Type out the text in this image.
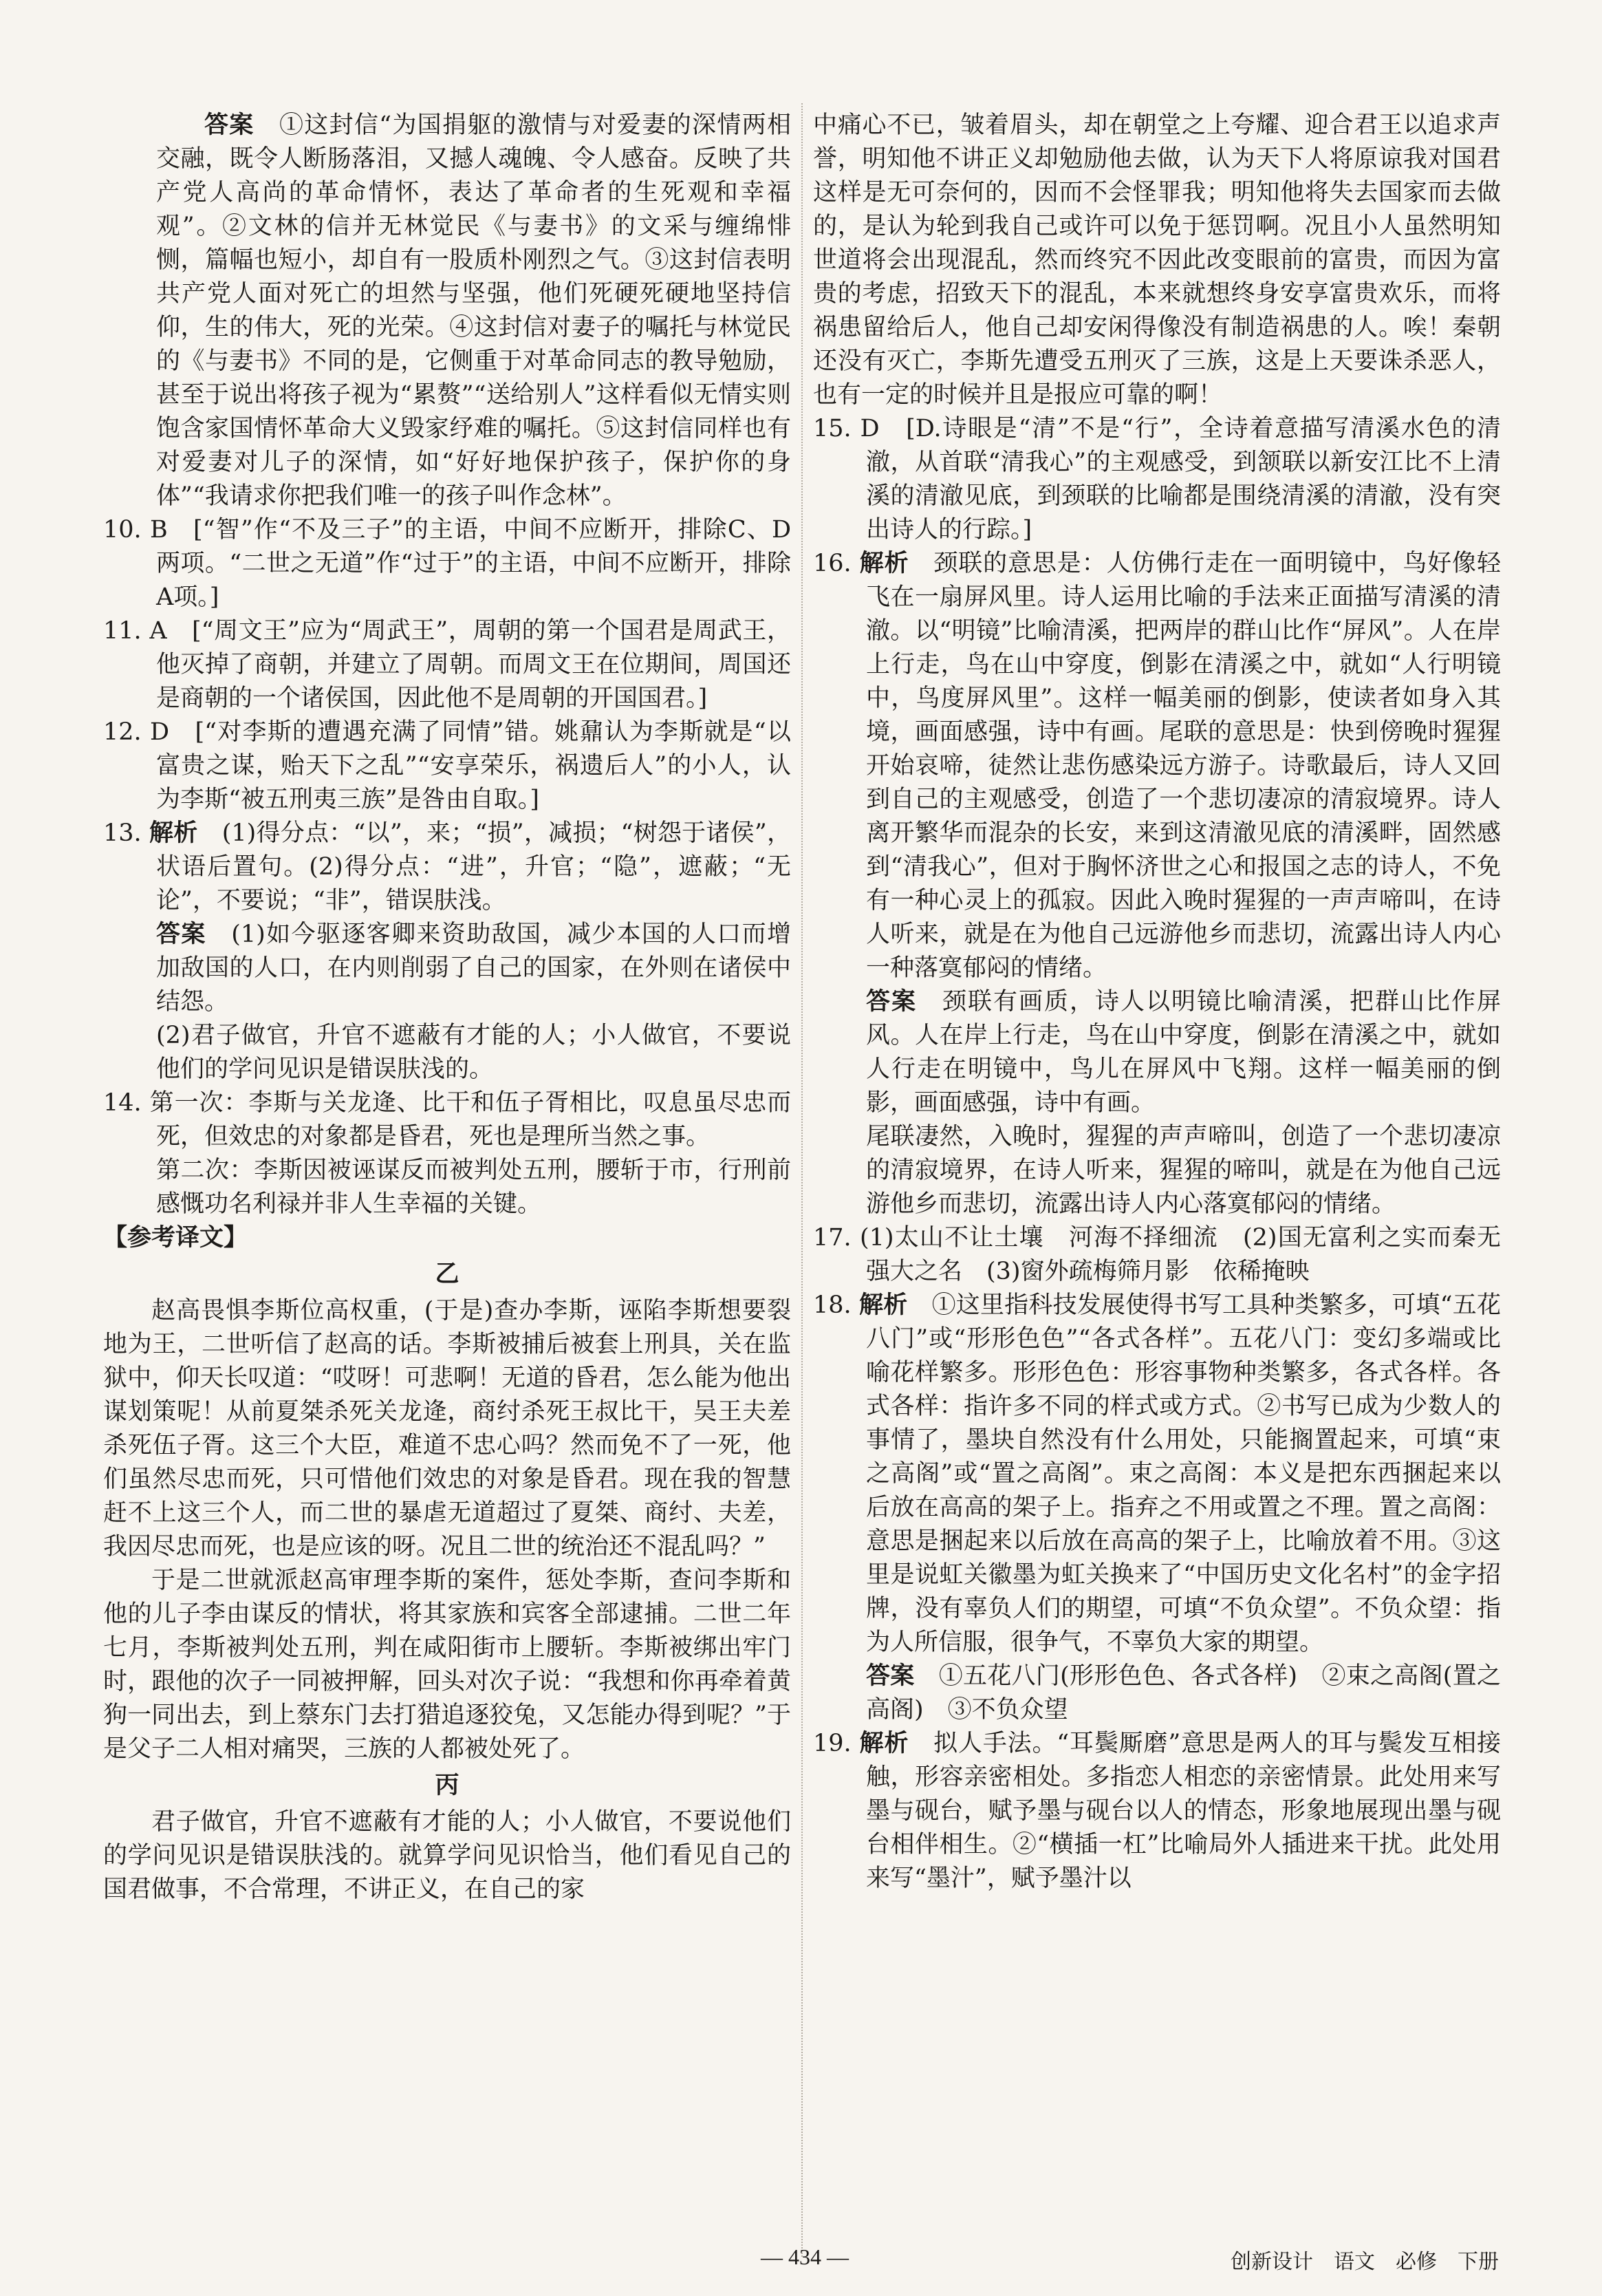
答案　 ①这封信“为国捐躯的激情与对爱妻的深情两相交融，既令人断肠落泪，又撼人魂魄、令人感奋。反映了共产党人高尚的革命情怀，表达了革命者的生死观和幸福观”。②文林的信并无林觉民《与妻书》的文采与缠绵悱恻，篇幅也短小，却自有一股质朴刚烈之气。③这封信表明共产党人面对死亡的坦然与坚强，他们死硬死硬地坚持信仰，生的伟大，死的光荣。④这封信对妻子的嘱托与林觉民的《与妻书》不同的是，它侧重于对革命同志的教导勉励，甚至于说出将孩子视为“累赘”“送给别人”这样看似无情实则饱含家国情怀革命大义毁家纾难的嘱托。⑤这封信同样也有对爱妻对儿子的深情，如“好好地保护孩子，保护你的身体”“我请求你把我们唯一的孩子叫作念林”。

10. B　[“智”作“不及三子”的主语，中间不应断开，排除C、D两项。“二世之无道”作“过于”的主语，中间不应断开，排除A项。]

11. A　[“周文王”应为“周武王”，周朝的第一个国君是周武王，他灭掉了商朝，并建立了周朝。而周文王在位期间，周国还是商朝的一个诸侯国，因此他不是周朝的开国国君。]

12. D　[“对李斯的遭遇充满了同情”错。姚鼐认为李斯就是“以富贵之谋，贻天下之乱”“安享荣乐，祸遗后人”的小人，认为李斯“被五刑夷三族”是咎由自取。]

13. 解析　 (1)得分点：“以”，来；“损”，减损；“树怨于诸侯”，状语后置句。(2)得分点：“进”，升官；“隐”，遮蔽；“无论”，不要说；“非”，错误肤浅。

答案　 (1)如今驱逐客卿来资助敌国，减少本国的人口而增加敌国的人口，在内则削弱了自己的国家，在外则在诸侯中结怨。

(2)君子做官，升官不遮蔽有才能的人；小人做官，不要说他们的学问见识是错误肤浅的。

14. 第一次：李斯与关龙逄、比干和伍子胥相比，叹息虽尽忠而死，但效忠的对象都是昏君，死也是理所当然之事。

第二次：李斯因被诬谋反而被判处五刑，腰斩于市，行刑前感慨功名利禄并非人生幸福的关键。

【参考译文】

乙

赵高畏惧李斯位高权重，(于是)查办李斯，诬陷李斯想要裂地为王，二世听信了赵高的话。李斯被捕后被套上刑具，关在监狱中，仰天长叹道：“哎呀！可悲啊！无道的昏君，怎么能为他出谋划策呢！从前夏桀杀死关龙逄，商纣杀死王叔比干，吴王夫差杀死伍子胥。这三个大臣，难道不忠心吗？然而免不了一死，他们虽然尽忠而死，只可惜他们效忠的对象是昏君。现在我的智慧赶不上这三个人，而二世的暴虐无道超过了夏桀、商纣、夫差，我因尽忠而死，也是应该的呀。况且二世的统治还不混乱吗？”

于是二世就派赵高审理李斯的案件，惩处李斯，查问李斯和他的儿子李由谋反的情状，将其家族和宾客全部逮捕。二世二年七月，李斯被判处五刑，判在咸阳街市上腰斩。李斯被绑出牢门时，跟他的次子一同被押解，回头对次子说：“我想和你再牵着黄狗一同出去，到上蔡东门去打猎追逐狡兔，又怎能办得到呢？”于是父子二人相对痛哭，三族的人都被处死了。

丙

君子做官，升官不遮蔽有才能的人；小人做官，不要说他们的学问见识是错误肤浅的。就算学问见识恰当，他们看见自己的国君做事，不合常理，不讲正义，在自己的家

中痛心不已，皱着眉头，却在朝堂之上夸耀、迎合君王以追求声誉，明知他不讲正义却勉励他去做，认为天下人将原谅我对国君这样是无可奈何的，因而不会怪罪我；明知他将失去国家而去做的，是认为轮到我自己或许可以免于惩罚啊。况且小人虽然明知世道将会出现混乱，然而终究不因此改变眼前的富贵，而因为富贵的考虑，招致天下的混乱，本来就想终身安享富贵欢乐，而将祸患留给后人，他自己却安闲得像没有制造祸患的人。唉！秦朝还没有灭亡，李斯先遭受五刑灭了三族，这是上天要诛杀恶人，也有一定的时候并且是报应可靠的啊！

15. D　[D.诗眼是“清”不是“行”，全诗着意描写清溪水色的清澈，从首联“清我心”的主观感受，到颔联以新安江比不上清溪的清澈见底，到颈联的比喻都是围绕清溪的清澈，没有突出诗人的行踪。]

16. 解析　 颈联的意思是：人仿佛行走在一面明镜中，鸟好像轻飞在一扇屏风里。诗人运用比喻的手法来正面描写清溪的清澈。以“明镜”比喻清溪，把两岸的群山比作“屏风”。人在岸上行走，鸟在山中穿度，倒影在清溪之中，就如“人行明镜中，鸟度屏风里”。这样一幅美丽的倒影，使读者如身入其境，画面感强，诗中有画。尾联的意思是：快到傍晚时猩猩开始哀啼，徒然让悲伤感染远方游子。诗歌最后，诗人又回到自己的主观感受，创造了一个悲切凄凉的清寂境界。诗人离开繁华而混杂的长安，来到这清澈见底的清溪畔，固然感到“清我心”，但对于胸怀济世之心和报国之志的诗人，不免有一种心灵上的孤寂。因此入晚时猩猩的一声声啼叫，在诗人听来，就是在为他自己远游他乡而悲切，流露出诗人内心一种落寞郁闷的情绪。

答案　 颈联有画质，诗人以明镜比喻清溪，把群山比作屏风。人在岸上行走，鸟在山中穿度，倒影在清溪之中，就如人行走在明镜中，鸟儿在屏风中飞翔。这样一幅美丽的倒影，画面感强，诗中有画。

尾联凄然，入晚时，猩猩的声声啼叫，创造了一个悲切凄凉的清寂境界，在诗人听来，猩猩的啼叫，就是在为他自己远游他乡而悲切，流露出诗人内心落寞郁闷的情绪。

17. (1)太山不让土壤　河海不择细流　(2)国无富利之实而秦无强大之名　(3)窗外疏梅筛月影　依稀掩映

18. 解析　 ①这里指科技发展使得书写工具种类繁多，可填“五花八门”或“形形色色”“各式各样”。五花八门：变幻多端或比喻花样繁多。形形色色：形容事物种类繁多，各式各样。各式各样：指许多不同的样式或方式。②书写已成为少数人的事情了，墨块自然没有什么用处，只能搁置起来，可填“束之高阁”或“置之高阁”。束之高阁：本义是把东西捆起来以后放在高高的架子上。指弃之不用或置之不理。置之高阁：意思是捆起来以后放在高高的架子上，比喻放着不用。③这里是说虹关徽墨为虹关换来了“中国历史文化名村”的金字招牌，没有辜负人们的期望，可填“不负众望”。不负众望：指为人所信服，很争气，不辜负大家的期望。

答案　 ①五花八门(形形色色、各式各样)　②束之高阁(置之高阁)　③不负众望

19. 解析　 拟人手法。“耳鬓厮磨”意思是两人的耳与鬓发互相接触，形容亲密相处。多指恋人相恋的亲密情景。此处用来写墨与砚台，赋予墨与砚台以人的情态，形象地展现出墨与砚台相伴相生。②“横插一杠”比喻局外人插进来干扰。此处用来写“墨汁”，赋予墨汁以

— 434 —	创新设计　语文　必修　下册
